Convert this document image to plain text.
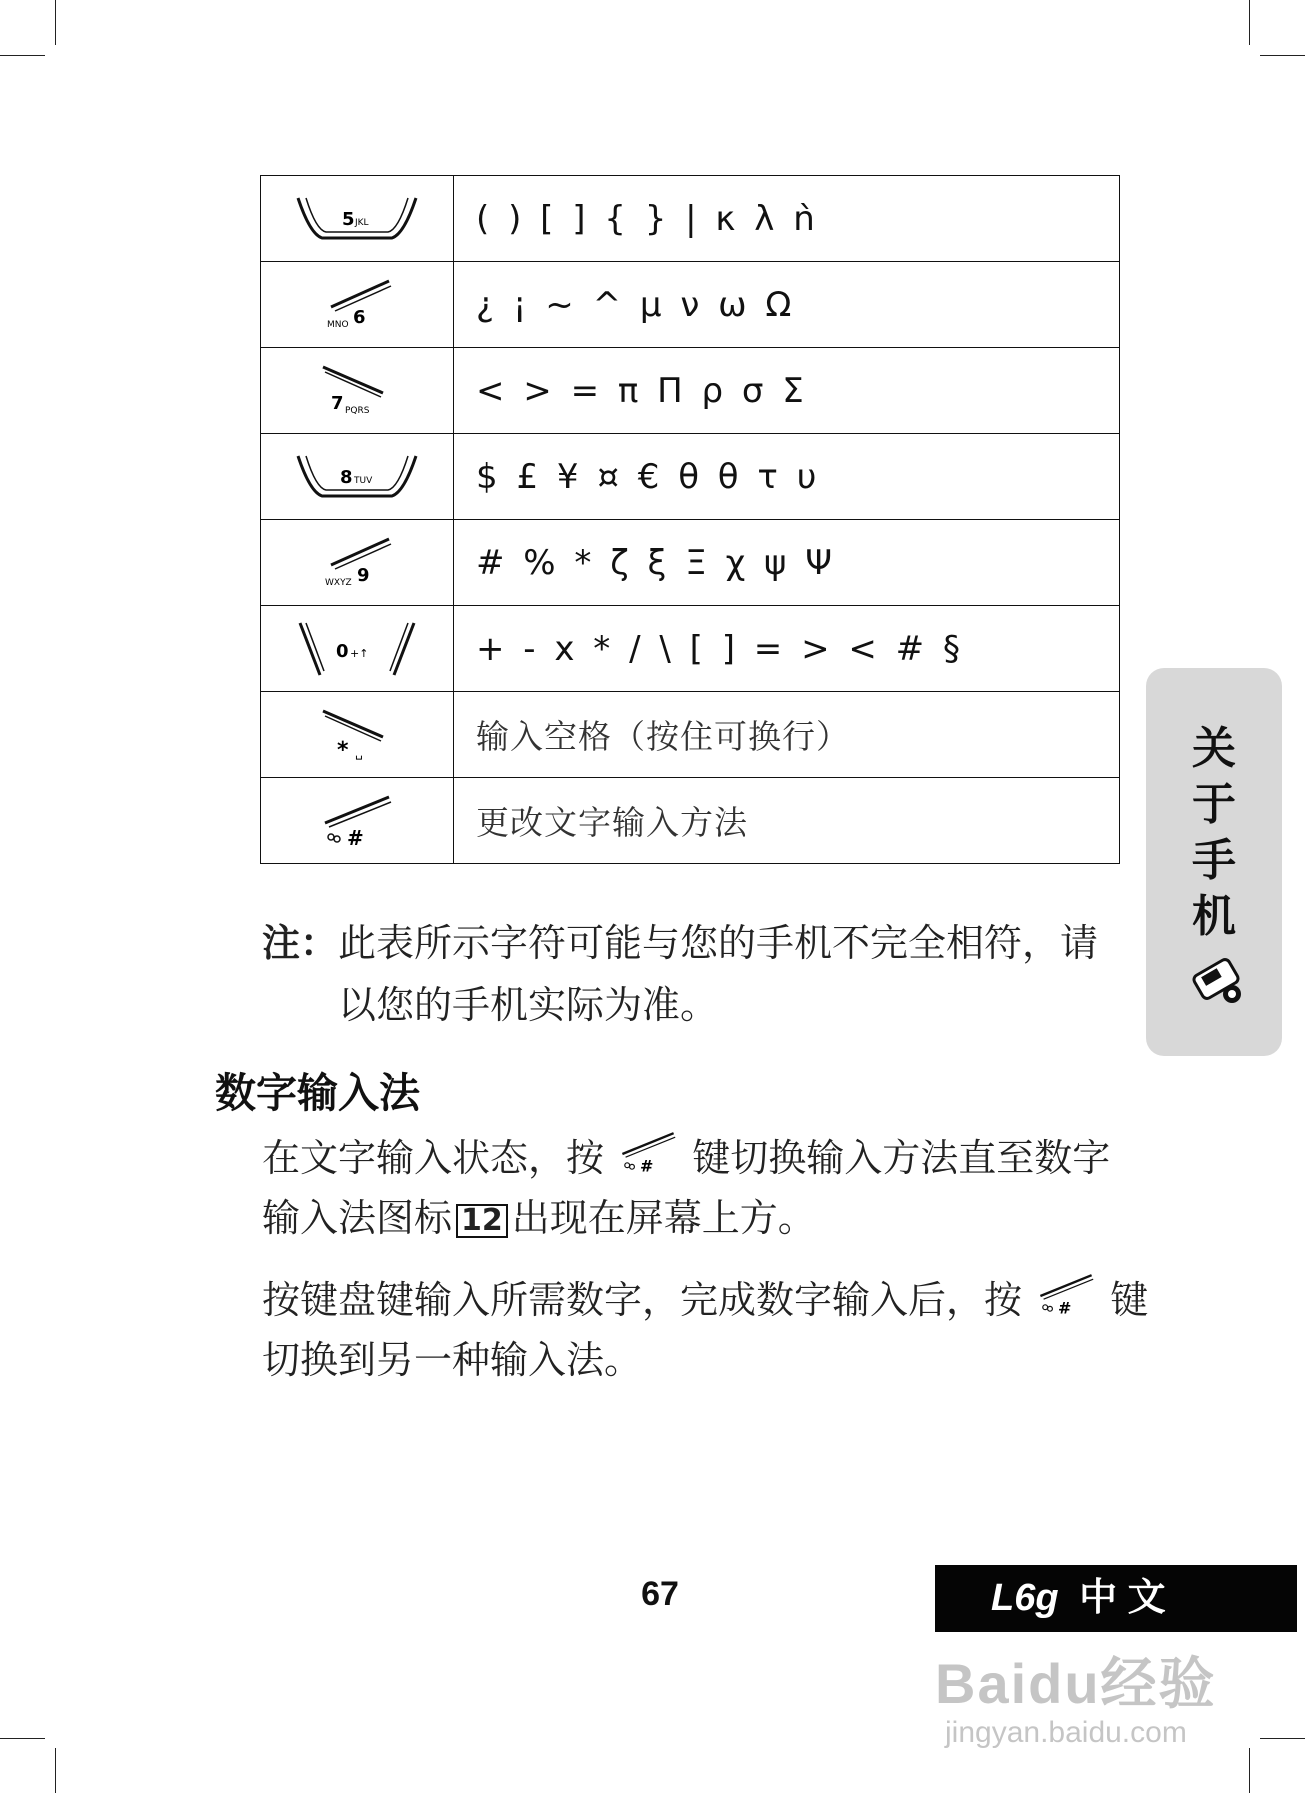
5 JKL	( ) [ ] { } | κ λ ǹ

MNO 6	¿ ¡ ~ ^ μ ν ω Ω

7 PQRS	< > = π Π ρ σ Σ

8 TUV	$ £ ¥ ¤ € θ θ τ υ

WXYZ 9	# % * ζ ξ Ξ χ ψ Ψ

0 +↑	+ - x * / \ [ ] = > < # §

* ␣	输入空格（按住可换行）

#	更改文字输入方法
注：此表所示字符可能与您的手机不完全相符，请
以您的手机实际为准。
数字输入法
在文字输入状态，按 # 键切换输入方法直至数字
输入法图标 12 出现在屏幕上方。
按键盘键输入所需数字，完成数字输入后，按 # 键
切换到另一种输入法。
关
于
手
机
67	L6g 中 文
Baidu经验
jingyan.baidu.com
